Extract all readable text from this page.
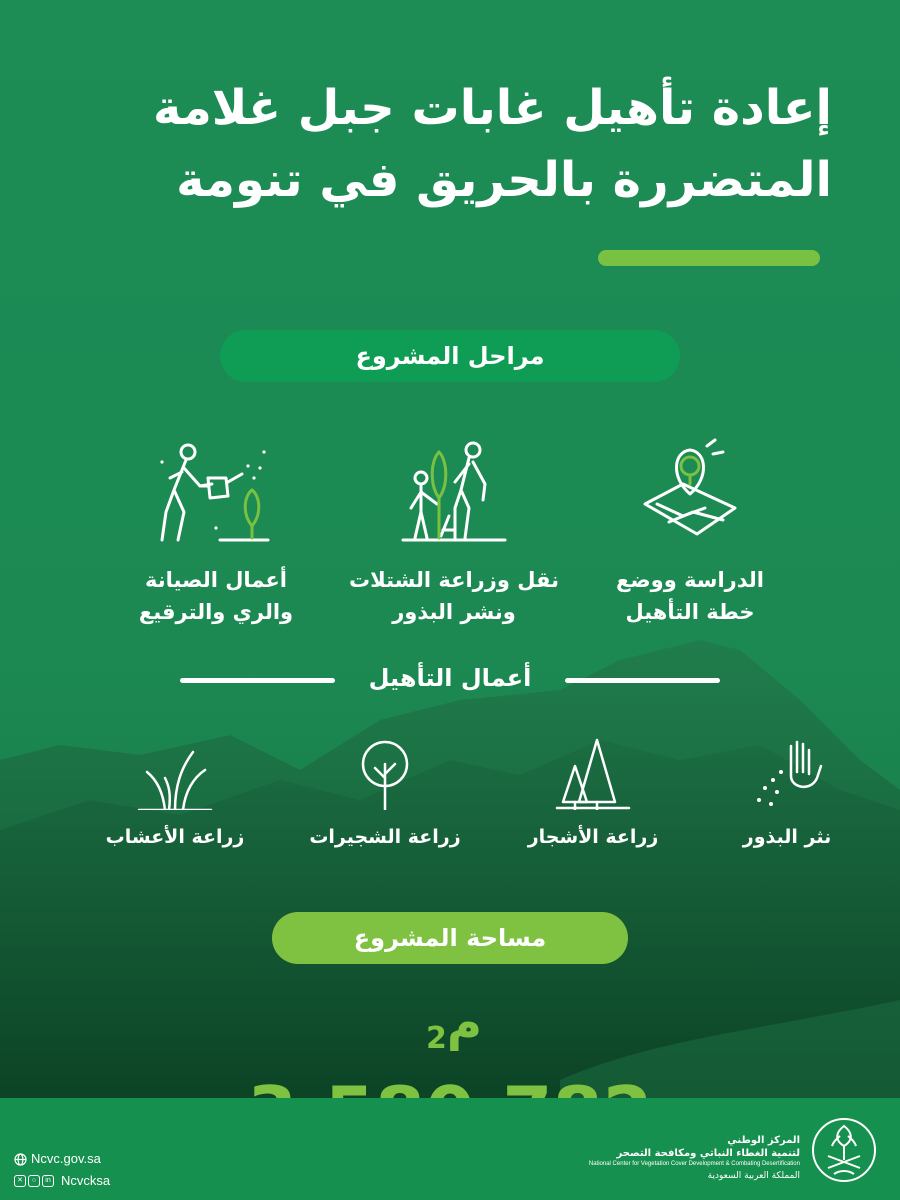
إعادة تأهيل غابات جبل غلامة
المتضررة بالحريق في تنومة
مراحل المشروع
الدراسة ووضع
خطة التأهيل
نقل وزراعة الشتلات
ونشر البذور
أعمال الصيانة
والري والترقيع
أعمال التأهيل
نثر البذور
زراعة الأشجار
زراعة الشجيرات
زراعة الأعشاب
مساحة المشروع
$^2$م
Ncvc.gov.sa
✕	○	in Ncvcksa
المركز الوطني
لتنمية الغطاء النباتي ومكافحة التصحر
National Center for Vegetation Cover Development & Combating Desertification
المملكة العربية السعودية
